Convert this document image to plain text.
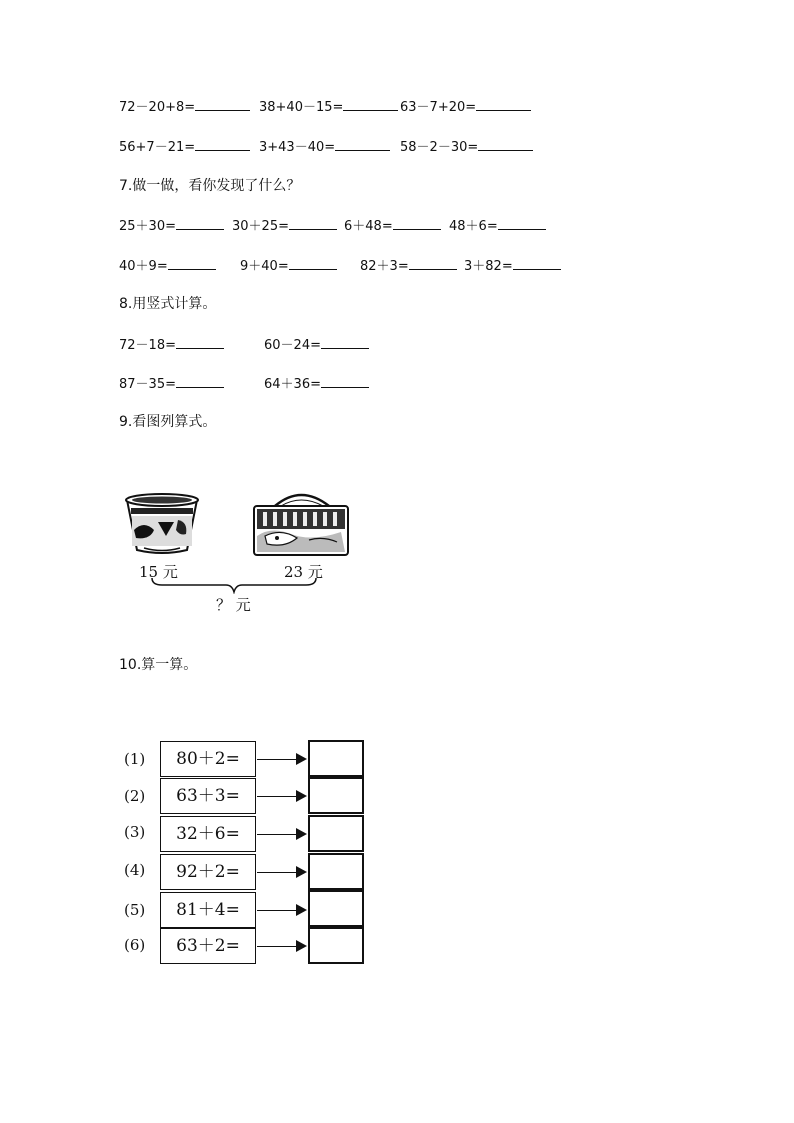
72－20+8=	38+40－15=	63－7+20=
56+7－21=	3+43－40=	58－2－30=
7.做一做，看你发现了什么？
25＋30=	30＋25=	6＋48=	48＋6=
40＋9=	9＋40=	82＋3=	3＋82=
8.用竖式计算。
72－18=	60－24=
87－35=	64＋36=
9.看图列算式。
15 元	23 元
？ 元
10.算一算。
(1)	80＋2=
(2)	63＋3=
(3)	32＋6=
(4)	92＋2=
(5)	81＋4=
(6)	63＋2=
